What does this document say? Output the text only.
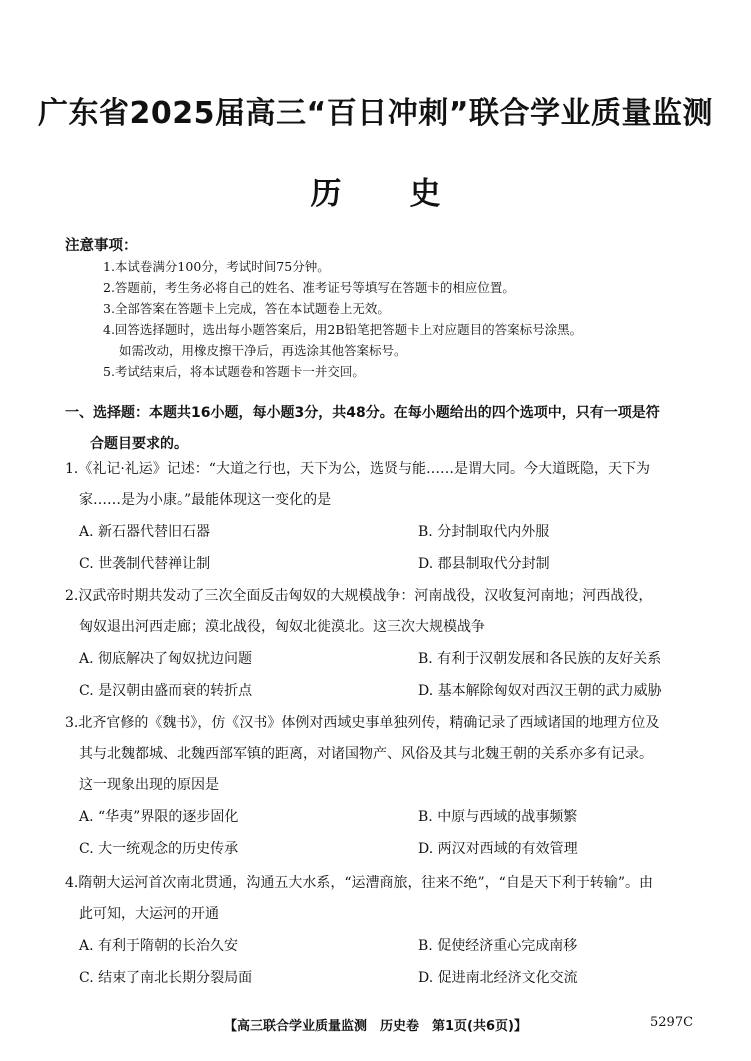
广东省2025届高三“百日冲刺”联合学业质量监测
历 史
注意事项：
1.本试卷满分100分，考试时间75分钟。
2.答题前，考生务必将自己的姓名、准考证号等填写在答题卡的相应位置。
3.全部答案在答题卡上完成，答在本试题卷上无效。
4.回答选择题时，选出每小题答案后，用2B铅笔把答题卡上对应题目的答案标号涂黑。
如需改动，用橡皮擦干净后，再选涂其他答案标号。
5.考试结束后，将本试题卷和答题卡一并交回。
一、选择题：本题共16小题，每小题3分，共48分。在每小题给出的四个选项中，只有一项是符
合题目要求的。
1.《礼记·礼运》记述：“大道之行也，天下为公，选贤与能……是谓大同。今大道既隐，天下为
家……是为小康。”最能体现这一变化的是
A. 新石器代替旧石器	B. 分封制取代内外服
C. 世袭制代替禅让制	D. 郡县制取代分封制
2.汉武帝时期共发动了三次全面反击匈奴的大规模战争：河南战役，汉收复河南地；河西战役，
匈奴退出河西走廊；漠北战役，匈奴北徙漠北。这三次大规模战争
A. 彻底解决了匈奴扰边问题	B. 有利于汉朝发展和各民族的友好关系
C. 是汉朝由盛而衰的转折点	D. 基本解除匈奴对西汉王朝的武力威胁
3.北齐官修的《魏书》，仿《汉书》体例对西域史事单独列传，精确记录了西域诸国的地理方位及
其与北魏都城、北魏西部军镇的距离，对诸国物产、风俗及其与北魏王朝的关系亦多有记录。
这一现象出现的原因是
A. “华夷”界限的逐步固化	B. 中原与西域的战事频繁
C. 大一统观念的历史传承	D. 两汉对西域的有效管理
4.隋朝大运河首次南北贯通，沟通五大水系，“运漕商旅，往来不绝”，“自是天下利于转输”。由
此可知，大运河的开通
A. 有利于隋朝的长治久安	B. 促使经济重心完成南移
C. 结束了南北长期分裂局面	D. 促进南北经济文化交流
【高三联合学业质量监测　历史卷　第1页(共6页)】	5297C
